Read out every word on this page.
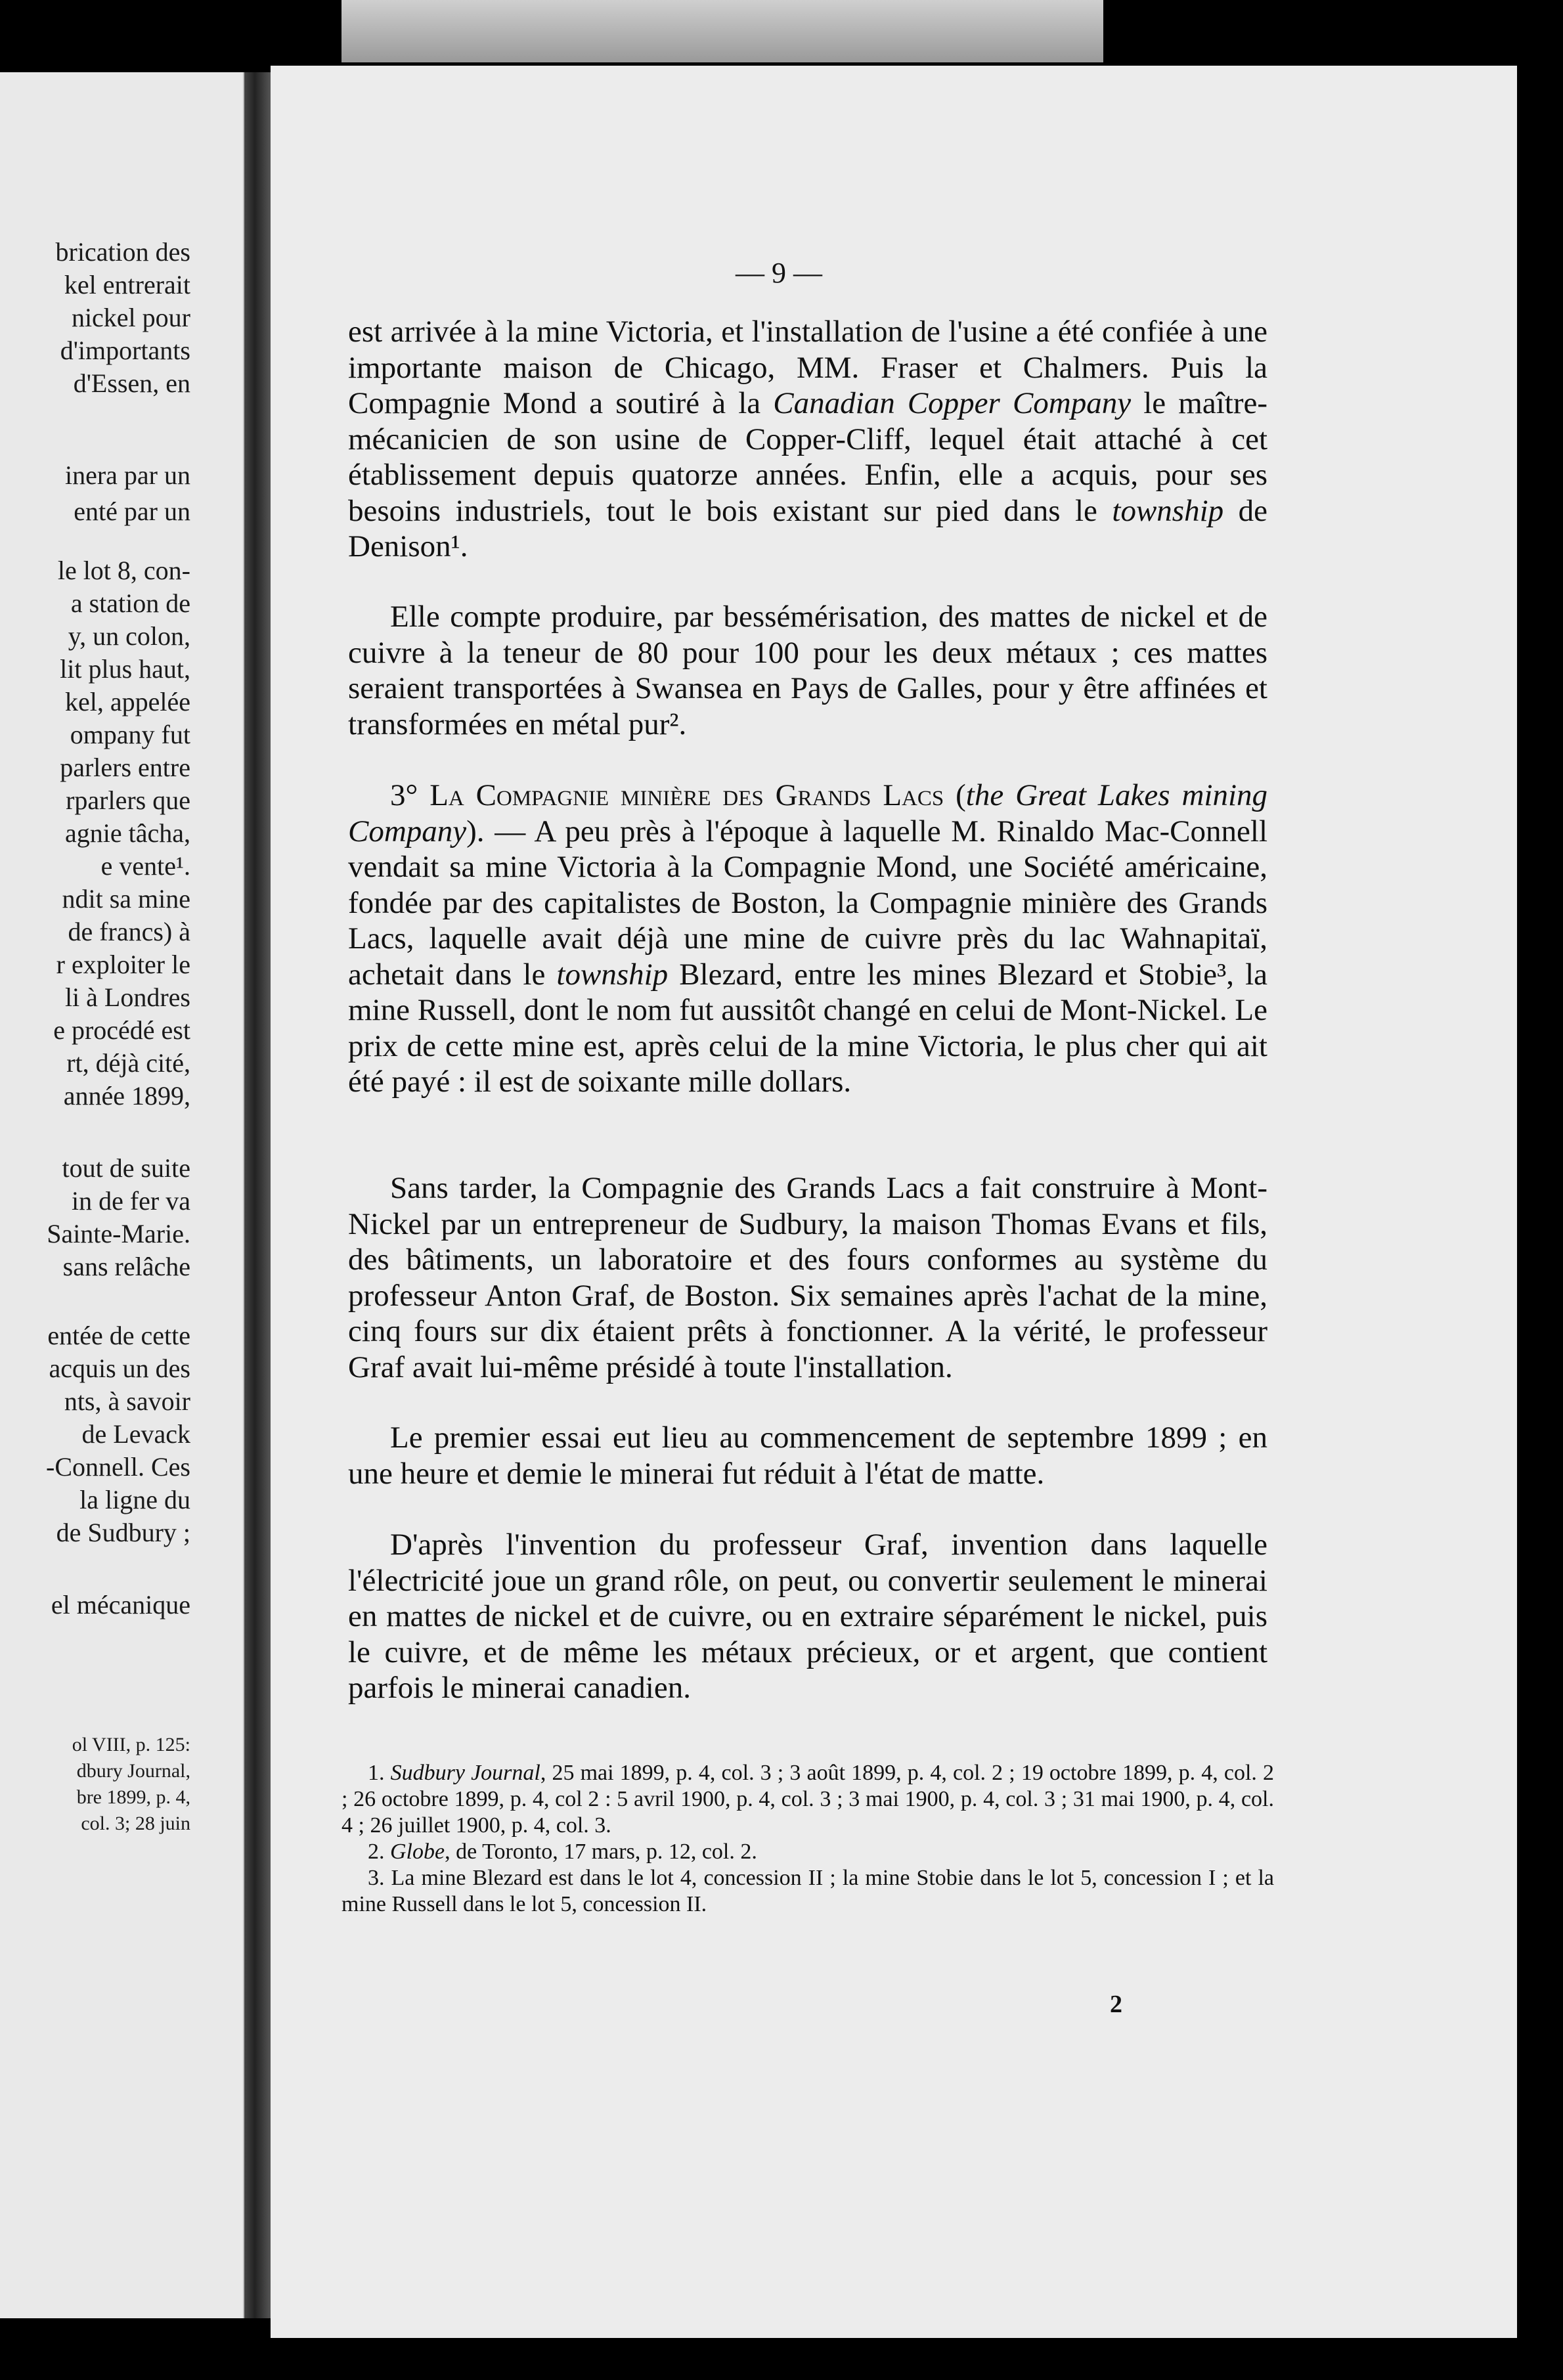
brication des
kel entrerait
nickel pour
d'importants
d'Essen, en
inera par un
enté par un
le lot 8, con-
a station de
y, un colon,
lit plus haut,
kel, appelée
ompany fut
parlers entre
rparlers que
agnie tâcha,
e vente¹.
ndit sa mine
de francs) à
r exploiter le
li à Londres
e procédé est
rt, déjà cité,
année 1899,
tout de suite
in de fer va
Sainte-Marie.
sans relâche
entée de cette
acquis un des
nts, à savoir
de Levack
-Connell. Ces
la ligne du
de Sudbury ;
el mécanique
ol VIII, p. 125:
dbury Journal,
bre 1899, p. 4,
col. 3; 28 juin
— 9 —

est arrivée à la mine Victoria, et l'installation de l'usine a été confiée à une importante maison de Chicago, MM. Fraser et Chalmers. Puis la Compagnie Mond a soutiré à la Canadian Copper Company le maître-mécanicien de son usine de Copper-Cliff, lequel était attaché à cet établissement depuis quatorze années. Enfin, elle a acquis, pour ses besoins industriels, tout le bois existant sur pied dans le township de Denison¹.

Elle compte produire, par bessémérisation, des mattes de nickel et de cuivre à la teneur de 80 pour 100 pour les deux métaux ; ces mattes seraient transportées à Swansea en Pays de Galles, pour y être affinées et transformées en métal pur².

3° La Compagnie minière des Grands Lacs (the Great Lakes mining Company). — A peu près à l'époque à laquelle M. Rinaldo Mac-Connell vendait sa mine Victoria à la Compagnie Mond, une Société américaine, fondée par des capitalistes de Boston, la Compagnie minière des Grands Lacs, laquelle avait déjà une mine de cuivre près du lac Wahnapitaï, achetait dans le township Blezard, entre les mines Blezard et Stobie³, la mine Russell, dont le nom fut aussitôt changé en celui de Mont-Nickel. Le prix de cette mine est, après celui de la mine Victoria, le plus cher qui ait été payé : il est de soixante mille dollars.

Sans tarder, la Compagnie des Grands Lacs a fait construire à Mont-Nickel par un entrepreneur de Sudbury, la maison Thomas Evans et fils, des bâtiments, un laboratoire et des fours conformes au système du professeur Anton Graf, de Boston. Six semaines après l'achat de la mine, cinq fours sur dix étaient prêts à fonctionner. A la vérité, le professeur Graf avait lui-même présidé à toute l'installation.

Le premier essai eut lieu au commencement de septembre 1899 ; en une heure et demie le minerai fut réduit à l'état de matte.

D'après l'invention du professeur Graf, invention dans laquelle l'électricité joue un grand rôle, on peut, ou convertir seulement le minerai en mattes de nickel et de cuivre, ou en extraire séparément le nickel, puis le cuivre, et de même les métaux précieux, or et argent, que contient parfois le minerai canadien.

1. Sudbury Journal, 25 mai 1899, p. 4, col. 3 ; 3 août 1899, p. 4, col. 2 ; 19 octobre 1899, p. 4, col. 2 ; 26 octobre 1899, p. 4, col 2 : 5 avril 1900, p. 4, col. 3 ; 3 mai 1900, p. 4, col. 3 ; 31 mai 1900, p. 4, col. 4 ; 26 juillet 1900, p. 4, col. 3.

2. Globe, de Toronto, 17 mars, p. 12, col. 2.

3. La mine Blezard est dans le lot 4, concession II ; la mine Stobie dans le lot 5, concession I ; et la mine Russell dans le lot 5, concession II.

2
